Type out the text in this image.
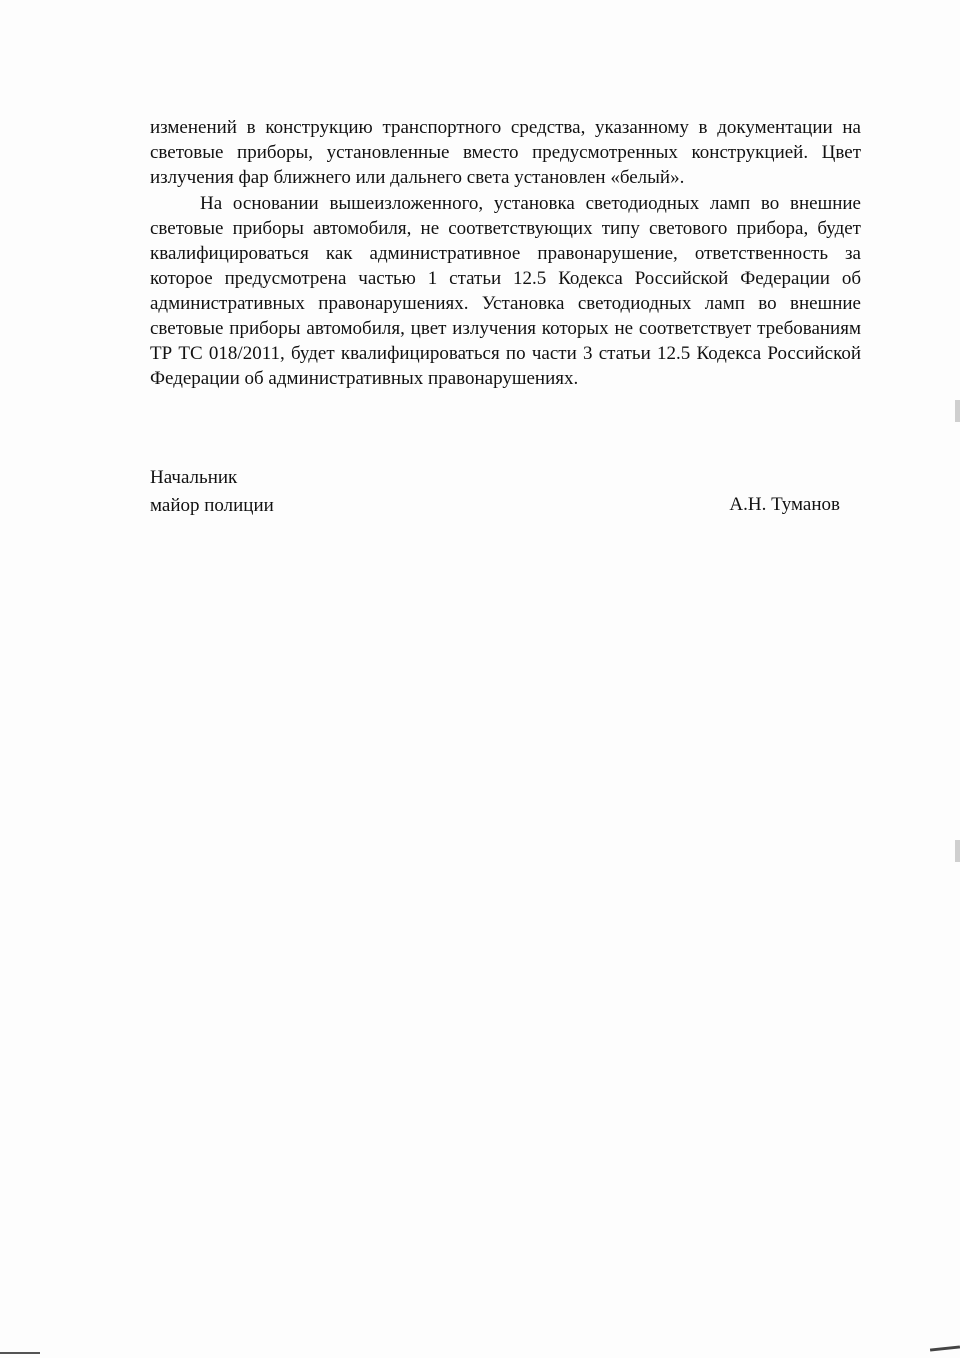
изменений в конструкцию транспортного средства, указанному в документации на световые приборы, установленные вместо предусмотренных конструкцией. Цвет излучения фар ближнего или дальнего света установлен «белый».

На основании вышеизложенного, установка светодиодных ламп во внешние световые приборы автомобиля, не соответствующих типу светового прибора, будет квалифицироваться как административное правонарушение, ответственность за которое предусмотрена частью 1 статьи 12.5 Кодекса Российской Федерации об административных правонарушениях. Установка светодиодных ламп во внешние световые приборы автомобиля, цвет излучения которых не соответствует требованиям ТР ТС 018/2011, будет квалифицироваться по части 3 статьи 12.5 Кодекса Российской Федерации об административных правонарушениях.

Начальник
майор полиции	А.Н. Туманов
